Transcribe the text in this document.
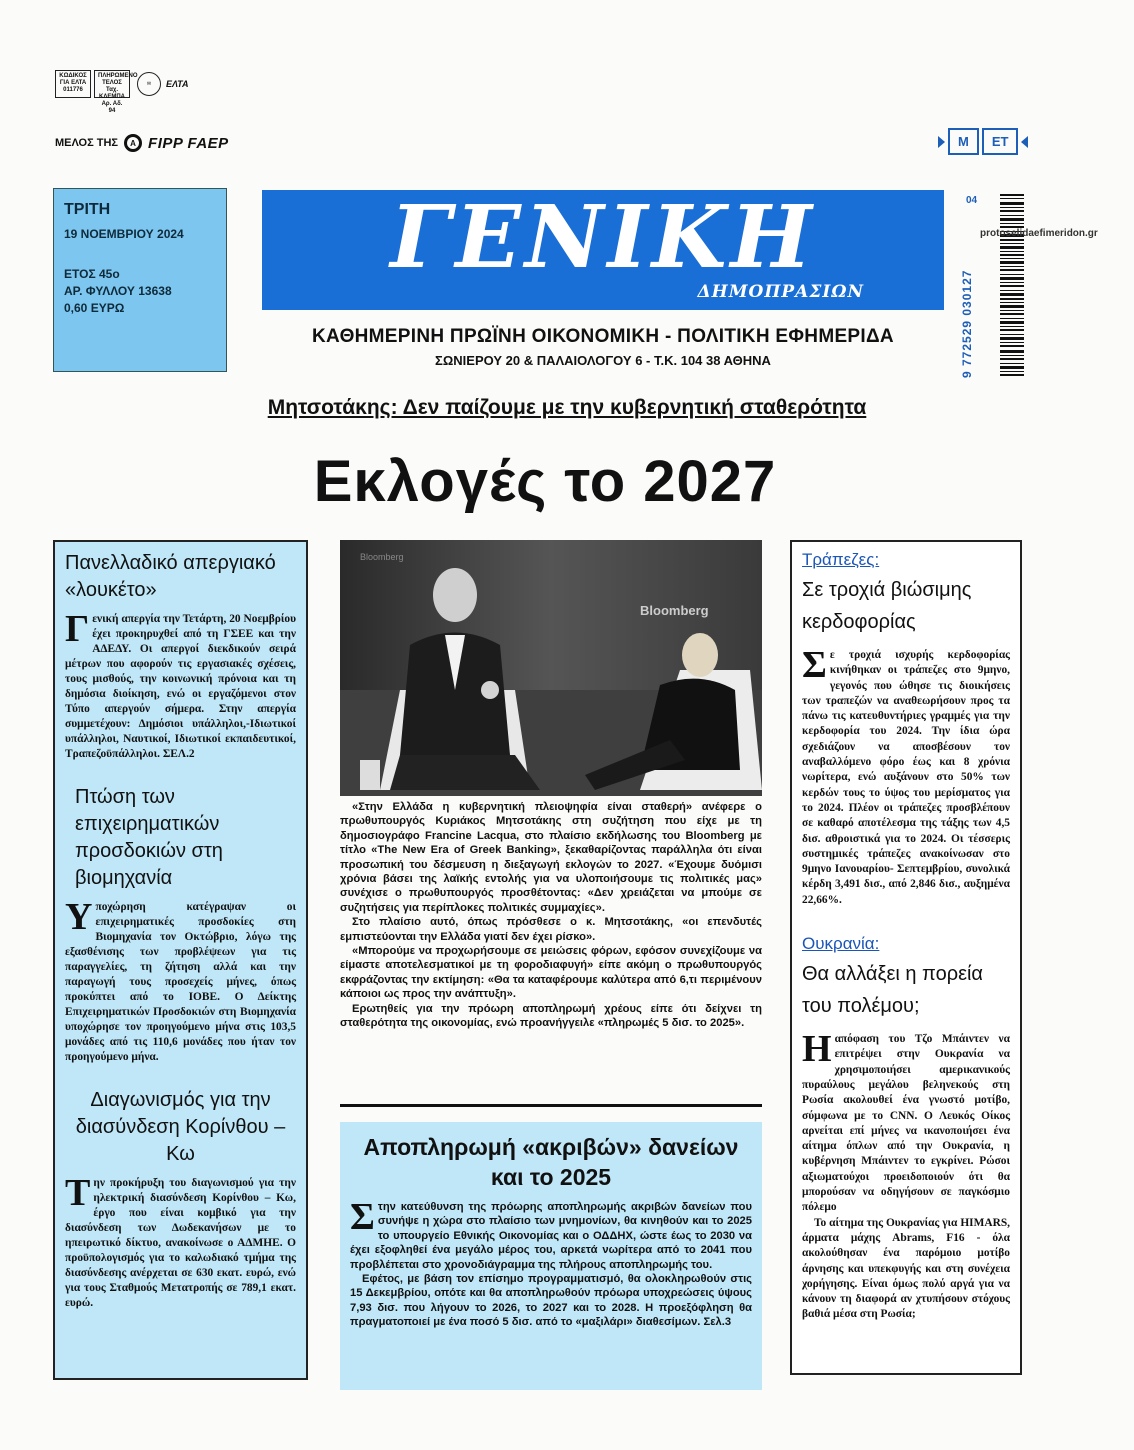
ΚΩΔΙΚΟΣ ΓΙΑ ΕΛΤΑ 011776
ΠΛΗΡΩΜΕΝΟ ΤΕΛΟΣ Ταχ. ΚΛΕΜΠΑ Αρ. Αδ. 94
✉	ΕΛΤΑ
ΜΕΛΟΣ ΤΗΣ	A FIPP FAEP	Μ	ΕΤ
ΤΡΙΤΗ
19 ΝΟΕΜΒΡΙΟΥ 2024
ΕΤΟΣ 45ο
ΑΡ. ΦΥΛΛΟΥ 13638
0,60 ΕΥΡΩ
ΓΕΝΙΚΗ
ΔΗΜΟΠΡΑΣΙΩΝ
ΚΑΘΗΜΕΡΙΝΗ ΠΡΩΪΝΗ ΟΙΚΟΝΟΜΙΚΗ - ΠΟΛΙΤΙΚΗ ΕΦΗΜΕΡΙΔΑ
ΣΩΝΙΕΡΟΥ 20 & ΠΑΛΑΙΟΛΟΓΟΥ 6 - Τ.Κ. 104 38 ΑΘΗΝΑ	9 772529 030127
04
protoselidaefimeridon.gr
Μητσοτάκης: Δεν παίζουμε με την κυβερνητική σταθερότητα
Εκλογές το 2027
Πανελλαδικό απεργιακό «λουκέτο»
Γενική απεργία την Τετάρτη, 20 Νοεμβρίου έχει προκηρυχθεί από τη ΓΣΕΕ και την ΑΔΕΔΥ. Οι απεργοί διεκδικούν σειρά μέτρων που αφορούν τις εργασιακές σχέσεις, τους μισθούς, την κοινωνική πρόνοια και τη δημόσια διοίκηση, ενώ οι εργαζόμενοι στον Τύπο απεργούν σήμερα. Στην απεργία συμμετέχουν: Δημόσιοι υπάλληλοι,-Ιδιωτικοί υπάλληλοι, Ναυτικοί, Ιδιωτικοί εκπαιδευτικοί, Τραπεζοϋπάλληλοι. ΣΕΛ.2
Πτώση των επιχειρηματικών προσδοκιών στη βιομηχανία
Υποχώρηση κατέγραψαν οι επιχειρηματικές προσδοκίες στη Βιομηχανία τον Οκτώβριο, λόγω της εξασθένισης των προβλέψεων για τις παραγγελίες, τη ζήτηση αλλά και την παραγωγή τους προσεχείς μήνες, όπως προκύπτει από το ΙΟΒΕ. Ο Δείκτης Επιχειρηματικών Προσδοκιών στη Βιομηχανία υποχώρησε τον προηγούμενο μήνα στις 103,5 μονάδες από τις 110,6 μονάδες που ήταν τον προηγούμενο μήνα.
Διαγωνισμός για την διασύνδεση Κορίνθου – Κω
Την προκήρυξη του διαγωνισμού για την ηλεκτρική διασύνδεση Κορίνθου – Κω, έργο που είναι κομβικό για την διασύνδεση των Δωδεκανήσων με το ηπειρωτικό δίκτυο, ανακοίνωσε ο ΑΔΜΗΕ. Ο προϋπολογισμός για το καλωδιακό τμήμα της διασύνδεσης ανέρχεται σε 630 εκατ. ευρώ, ενώ για τους Σταθμούς Μετατροπής σε 789,1 εκατ. ευρώ.
Bloomberg
Bloomberg

«Στην Ελλάδα η κυβερνητική πλειοψηφία είναι σταθερή» ανέφερε ο πρωθυπουργός Κυριάκος Μητσοτάκης στη συζήτηση που είχε με τη δημοσιογράφο Francine Lacqua, στο πλαίσιο εκδήλωσης του Bloomberg με τίτλο «The New Era of Greek Banking», ξεκαθαρίζοντας παράλληλα ότι είναι προσωπική του δέσμευση η διεξαγωγή εκλογών το 2027. «Έχουμε δυόμισι χρόνια βάσει της λαϊκής εντολής για να υλοποιήσουμε τις πολιτικές μας» συνέχισε ο πρωθυπουργός προσθέτοντας: «Δεν χρειάζεται να μπούμε σε συζητήσεις για περίπλοκες πολιτικές συμμαχίες».

Στο πλαίσιο αυτό, όπως πρόσθεσε ο κ. Μητσοτάκης, «οι επενδυτές εμπιστεύονται την Ελλάδα γιατί δεν έχει ρίσκο».

«Μπορούμε να προχωρήσουμε σε μειώσεις φόρων, εφόσον συνεχίζουμε να είμαστε αποτελεσματικοί με τη φοροδιαφυγή» είπε ακόμη ο πρωθυπουργός εκφράζοντας την εκτίμηση: «Θα τα καταφέρουμε καλύτερα από 6,τι περιμένουν κάποιοι ως προς την ανάπτυξη».

Ερωτηθείς για την πρόωρη αποπληρωμή χρέους είπε ότι δείχνει τη σταθερότητα της οικονομίας, ενώ προανήγγειλε «πληρωμές 5 δισ. το 2025».

Αποπληρωμή «ακριβών» δανείων και το 2025

Στην κατεύθυνση της πρόωρης αποπληρωμής ακριβών δανείων που συνήψε η χώρα στο πλαίσιο των μνημονίων, θα κινηθούν και το 2025 το υπουργείο Εθνικής Οικονομίας και ο ΟΔΔΗΧ, ώστε έως το 2030 να έχει εξοφληθεί ένα μεγάλο μέρος του, αρκετά νωρίτερα από το 2041 που προβλέπεται στο χρονοδιάγραμμα της πλήρους αποπληρωμής του.

Εφέτος, με βάση τον επίσημο προγραμματισμό, θα ολοκληρωθούν στις 15 Δεκεμβρίου, οπότε και θα αποπληρωθούν πρόωρα υποχρεώσεις ύψους 7,93 δισ. που λήγουν το 2026, το 2027 και το 2028. Η προεξόφληση θα πραγματοποιεί με ένα ποσό 5 δισ. από το «μαξιλάρι» διαθεσίμων. Σελ.3

Τράπεζες:
Σε τροχιά βιώσιμης κερδοφορίας

Σε τροχιά ισχυρής κερδοφορίας κινήθηκαν οι τράπεζες στο 9μηνο, γεγονός που ώθησε τις διοικήσεις των τραπεζών να αναθεωρήσουν προς τα πάνω τις κατευθυντήριες γραμμές για την κερδοφορία του 2024. Την ίδια ώρα σχεδιάζουν να αποσβέσουν τον αναβαλλόμενο φόρο έως και 8 χρόνια νωρίτερα, ενώ αυξάνουν στο 50% των κερδών τους το ύψος του μερίσματος για το 2024. Πλέον οι τράπεζες προσβλέπουν σε καθαρό αποτέλεσμα της τάξης των 4,5 δισ. αθροιστικά για το 2024. Οι τέσσερις συστημικές τράπεζες ανακοίνωσαν στο 9μηνο Ιανουαρίου- Σεπτεμβρίου, συνολικά κέρδη 3,491 δισ., από 2,846 δισ., αυξημένα 22,66%.

Ουκρανία:
Θα αλλάξει η πορεία του πολέμου;

Ηαπόφαση του Τζο Μπάιντεν να επιτρέψει στην Ουκρανία να χρησιμοποιήσει αμερικανικούς πυραύλους μεγάλου βεληνεκούς στη Ρωσία ακολουθεί ένα γνωστό μοτίβο, σύμφωνα με το CNN. Ο Λευκός Οίκος αρνείται επί μήνες να ικανοποιήσει ένα αίτημα όπλων από την Ουκρανία, η κυβέρνηση Μπάιντεν το εγκρίνει. Ρώσοι αξιωματούχοι προειδοποιούν ότι θα μπορούσαν να οδηγήσουν σε παγκόσμιο πόλεμο

Το αίτημα της Ουκρανίας για HIMARS, άρματα μάχης Abrams, F16 - όλα ακολούθησαν ένα παρόμοιο μοτίβο άρνησης και υπεκφυγής και στη συνέχεια χορήγησης. Είναι όμως πολύ αργά για να κάνουν τη διαφορά αν χτυπήσουν στόχους βαθιά μέσα στη Ρωσία;
